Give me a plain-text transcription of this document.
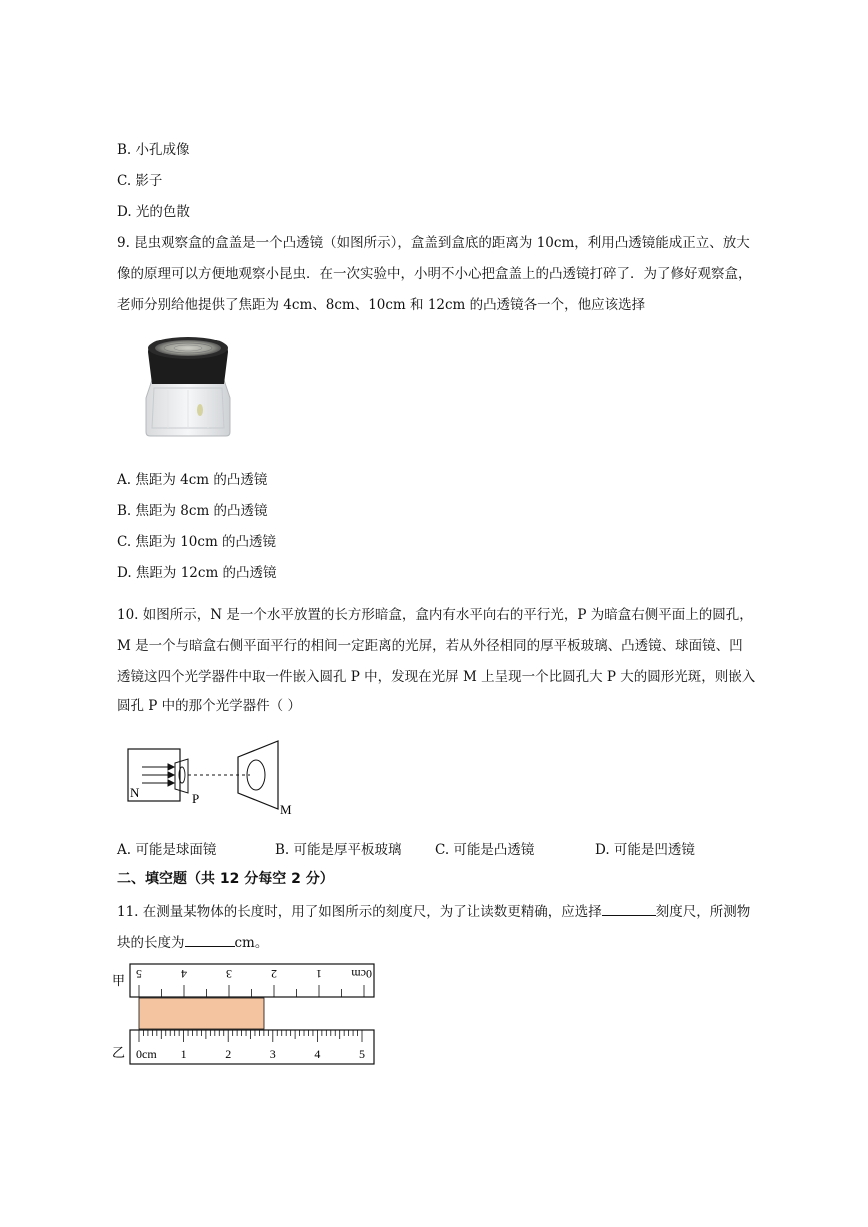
B. 小孔成像
C. 影子
D. 光的色散
9. 昆虫观察盒的盒盖是一个凸透镜（如图所示），盒盖到盒底的距离为 10cm，利用凸透镜能成正立、放大
像的原理可以方便地观察小昆虫．在一次实验中，小明不小心把盒盖上的凸透镜打碎了．为了修好观察盒，
老师分别给他提供了焦距为 4cm、8cm、10cm 和 12cm 的凸透镜各一个，他应该选择
A. 焦距为 4cm 的凸透镜
B. 焦距为 8cm 的凸透镜
C. 焦距为 10cm 的凸透镜
D. 焦距为 12cm 的凸透镜
10. 如图所示，N 是一个水平放置的长方形暗盒，盒内有水平向右的平行光，P 为暗盒右侧平面上的圆孔，
M 是一个与暗盒右侧平面平行的相间一定距离的光屏，若从外径相同的厚平板玻璃、凸透镜、球面镜、凹
透镜这四个光学器件中取一件嵌入圆孔 P 中，发现在光屏 M 上呈现一个比圆孔大 P 大的圆形光斑，则嵌入
圆孔 P 中的那个光学器件（ ）
N	P
M
A. 可能是球面镜	B. 可能是厚平板玻璃 C. 可能是凸透镜	D. 可能是凹透镜
二、填空题（共 12 分每空 2 分）
11. 在测量某物体的长度时，用了如图所示的刻度尺，为了让读数更精确，应选择	刻度尺，所测物
块的长度为	cm。
甲	0cm
1
2
3
4
5
乙 0cm 1	2	3	4	5
